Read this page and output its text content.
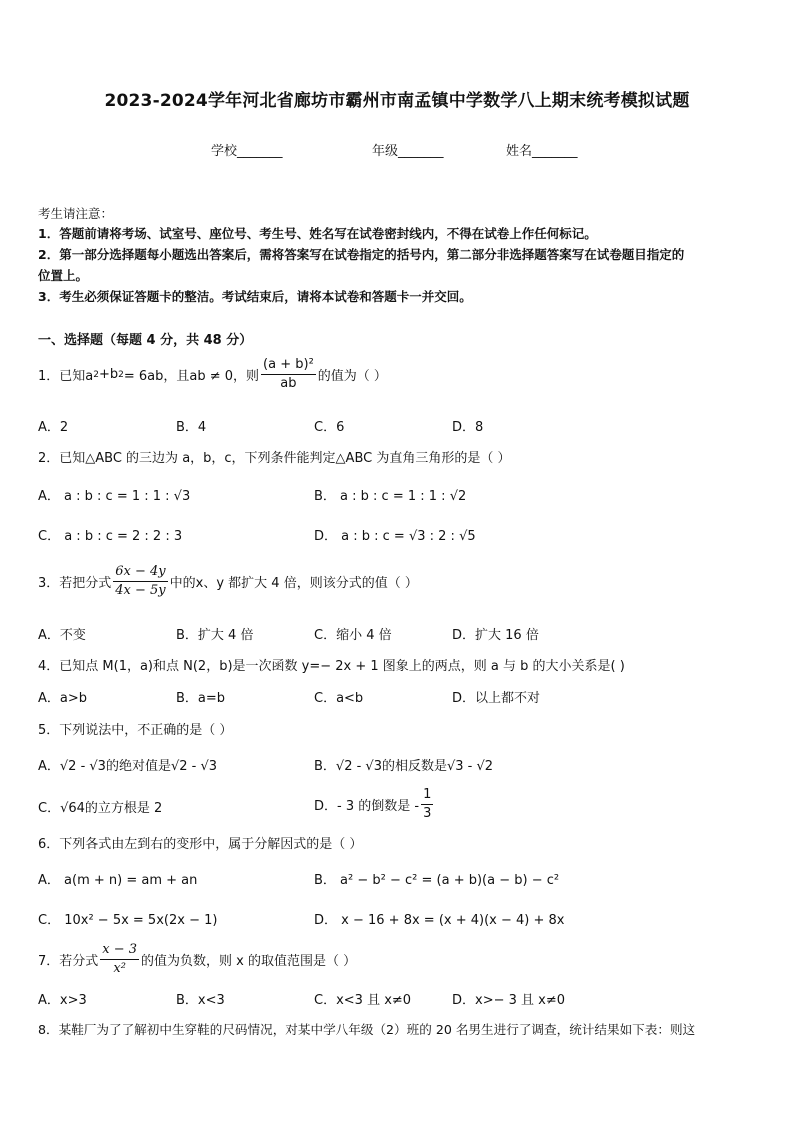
2023-2024学年河北省廊坊市霸州市南孟镇中学数学八上期末统考模拟试题
学校_______	年级_______	姓名_______
考生请注意：
1．答题前请将考场、试室号、座位号、考生号、姓名写在试卷密封线内，不得在试卷上作任何标记。
2．第一部分选择题每小题选出答案后，需将答案写在试卷指定的括号内，第二部分非选择题答案写在试卷题目指定的
位置上。
3．考生必须保证答题卡的整洁。考试结束后，请将本试卷和答题卡一并交回。
一、选择题（每题 4 分，共 48 分）
1．已知a 2 +b 2 = 6ab，且ab ≠ 0，则 $\frac{\text{(a + b)²}}{ab}$ 的值为（ ）
A．2	B．4	C．6	D．8
2．已知△ABC 的三边为 a，b，c，下列条件能判定△ABC 为直角三角形的是（ ）
A． a : b : c = 1 : 1 : √3	B． a : b : c = 1 : 1 : √2
C． a : b : c = 2 : 2 : 3	D． a : b : c = √3 : 2 : √5
3．若把分式 $\frac{6x - 4y}{4x - 5y}$ 中的x、y 都扩大 4 倍，则该分式的值（ ）
A．不变	B．扩大 4 倍	C．缩小 4 倍	D．扩大 16 倍
4．已知点 M(1，a)和点 N(2，b)是一次函数 y=− 2x + 1 图象上的两点，则 a 与 b 的大小关系是( )
A．a>b	B．a=b	C．a<b	D．以上都不对
5．下列说法中，不正确的是（ ）
A．√2 - √3的绝对值是√2 - √3	B．√2 - √3的相反数是√3 - √2
C．√64的立方根是 2	D．- 3 的倒数是 - $\frac{1}{3}$
6．下列各式由左到右的变形中，属于分解因式的是（ ）
A． a(m + n) = am + an	B． a² − b² − c² = (a + b)(a − b) − c²
C． 10x² − 5x = 5x(2x − 1)	D． x − 16 + 8x = (x + 4)(x − 4) + 8x
7．若分式 $\frac{x - 3}{\text{x²}}$ 的值为负数，则 x 的取值范围是（ ）
A．x>3	B．x<3	C．x<3 且 x≠0	D．x>− 3 且 x≠0
8．某鞋厂为了了解初中生穿鞋的尺码情况，对某中学八年级（2）班的 20 名男生进行了调查，统计结果如下表：则这
